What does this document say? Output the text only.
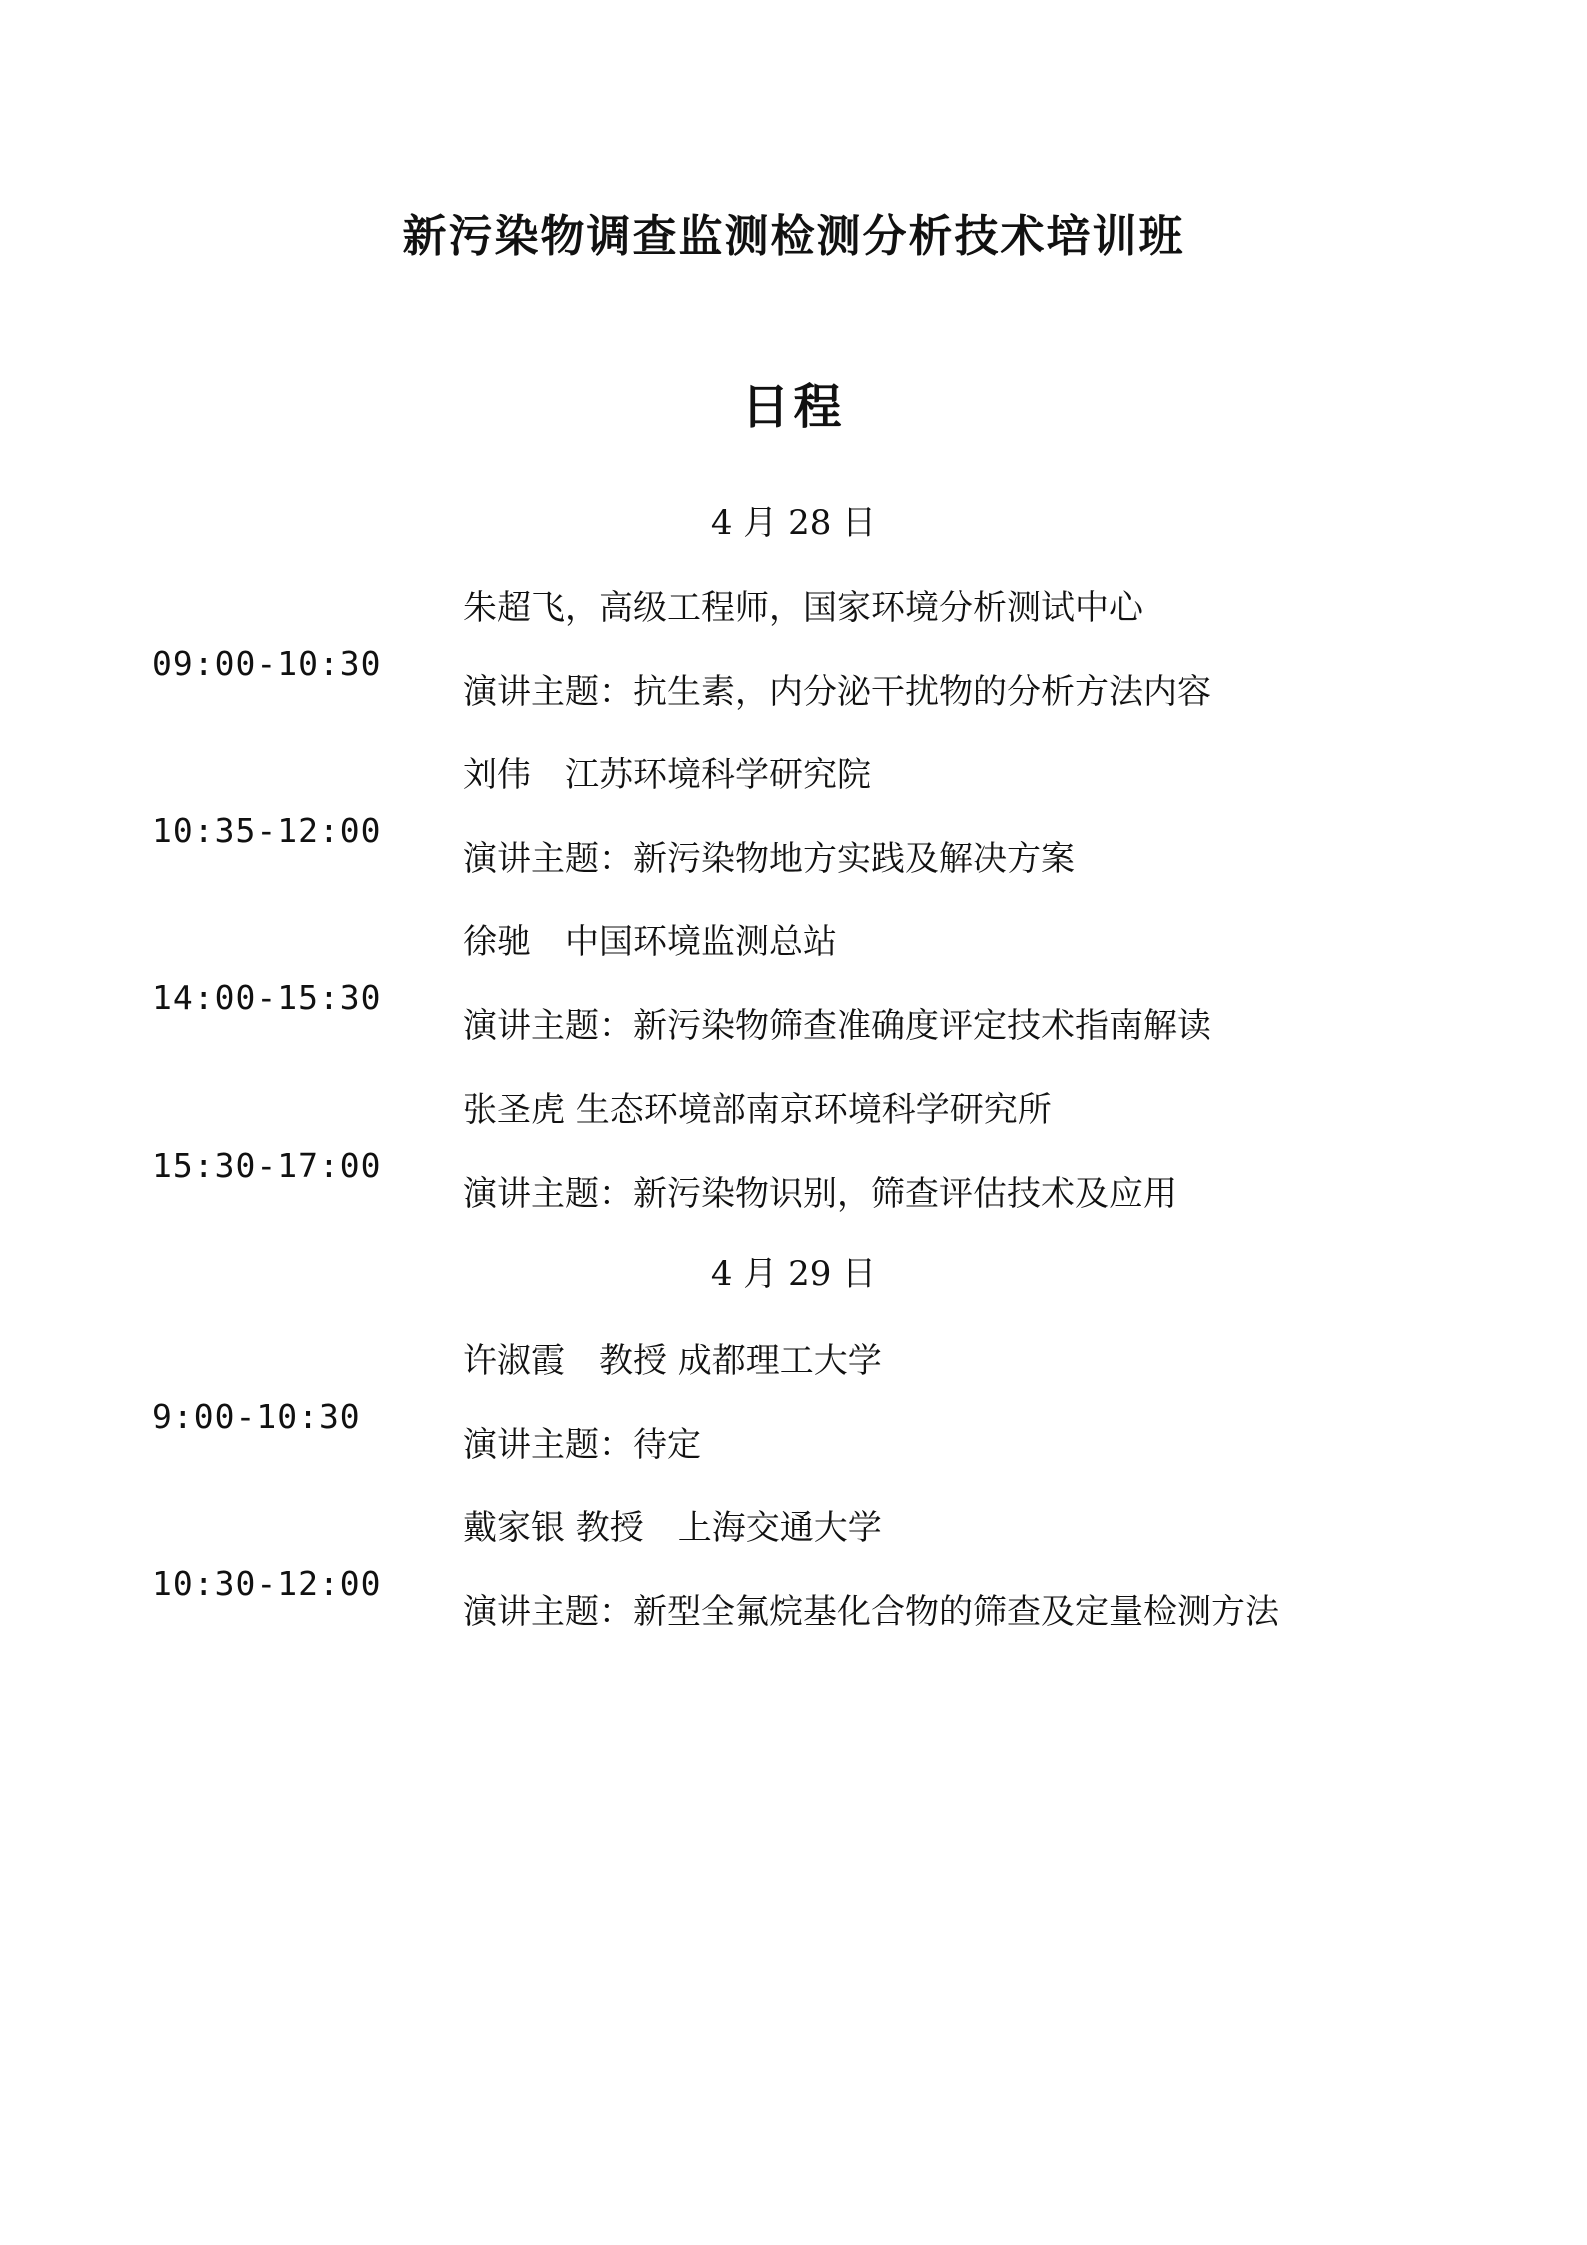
新污染物调查监测检测分析技术培训班
日程
4 月 28 日
09:00-10:30
朱超飞，高级工程师，国家环境分析测试中心
演讲主题：抗生素，内分泌干扰物的分析方法内容
10:35-12:00
刘伟　江苏环境科学研究院
演讲主题：新污染物地方实践及解决方案
14:00-15:30
徐驰　中国环境监测总站
演讲主题：新污染物筛查准确度评定技术指南解读
15:30-17:00
张圣虎 生态环境部南京环境科学研究所
演讲主题：新污染物识别，筛查评估技术及应用
4 月 29 日
9:00-10:30
许淑霞　教授 成都理工大学
演讲主题：待定
10:30-12:00
戴家银 教授　上海交通大学
演讲主题：新型全氟烷基化合物的筛查及定量检测方法
